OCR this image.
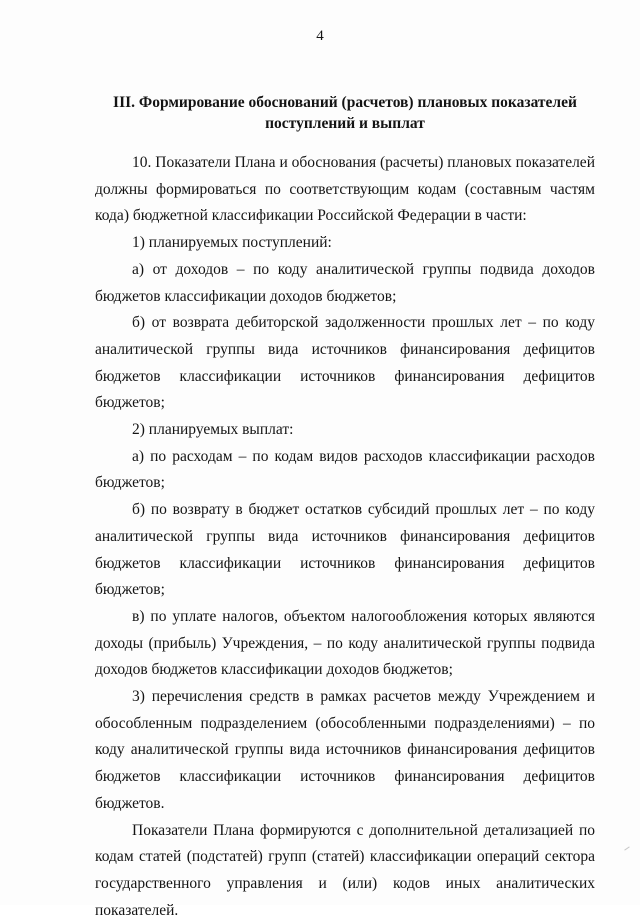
4
III. Формирование обоснований (расчетов) плановых показателей
поступлений и выплат

10. Показатели Плана и обоснования (расчеты) плановых показателей должны формироваться по соответствующим кодам (составным частям кода) бюджетной классификации Российской Федерации в части:

1) планируемых поступлений:

а) от доходов – по коду аналитической группы подвида доходов бюджетов классификации доходов бюджетов;

б) от возврата дебиторской задолженности прошлых лет – по коду аналитической группы вида источников финансирования дефицитов бюджетов классификации источников финансирования дефицитов бюджетов;

2) планируемых выплат:

а) по расходам – по кодам видов расходов классификации расходов бюджетов;

б) по возврату в бюджет остатков субсидий прошлых лет – по коду аналитической группы вида источников финансирования дефицитов бюджетов классификации источников финансирования дефицитов бюджетов;

в) по уплате налогов, объектом налогообложения которых являются доходы (прибыль) Учреждения, – по коду аналитической группы подвида доходов бюджетов классификации доходов бюджетов;

3) перечисления средств в рамках расчетов между Учреждением и обособленным подразделением (обособленными подразделениями) – по коду аналитической группы вида источников финансирования дефицитов бюджетов классификации источников финансирования дефицитов бюджетов.

Показатели Плана формируются с дополнительной детализацией по кодам статей (подстатей) групп (статей) классификации операций сектора государственного управления и (или) кодов иных аналитических показателей.
